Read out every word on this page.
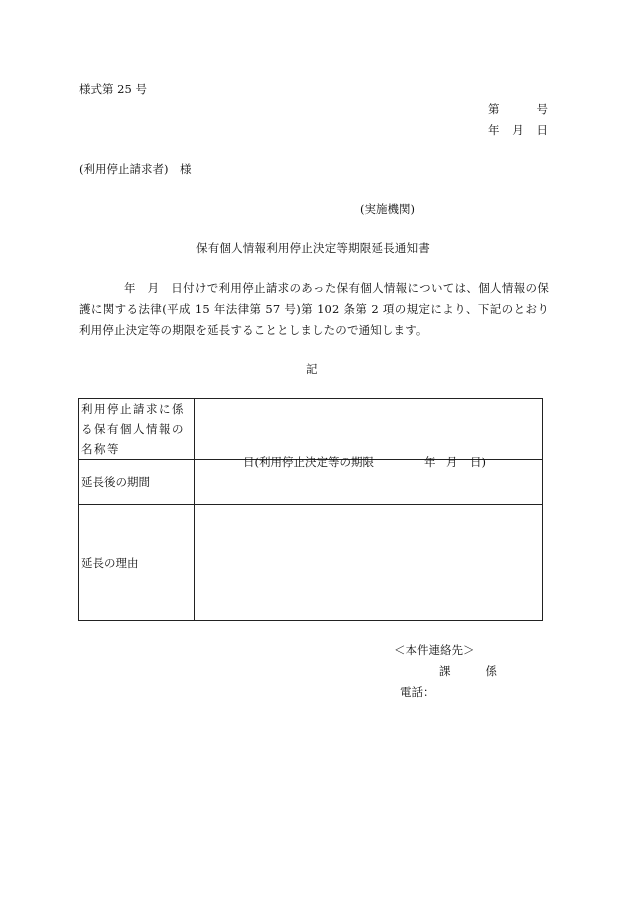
様式第 25 号
第	号
年 月 日
(利用停止請求者)　様
(実施機関)
保有個人情報利用停止決定等期限延長通知書
年　月　日付けで利用停止請求のあった保有個人情報については、個人情報の保護に関する法律(平成 15 年法律第 57 号)第 102 条第 2 項の規定により、下記のとおり利用停止決定等の期限を延長することとしましたので通知します。
記
利用停止請求に係る保有個人情報の名称等	
延長後の期間	日(利用停止決定等の期限 年 月 日)

延長の理由	
＜本件連絡先＞
課	係
電話：
